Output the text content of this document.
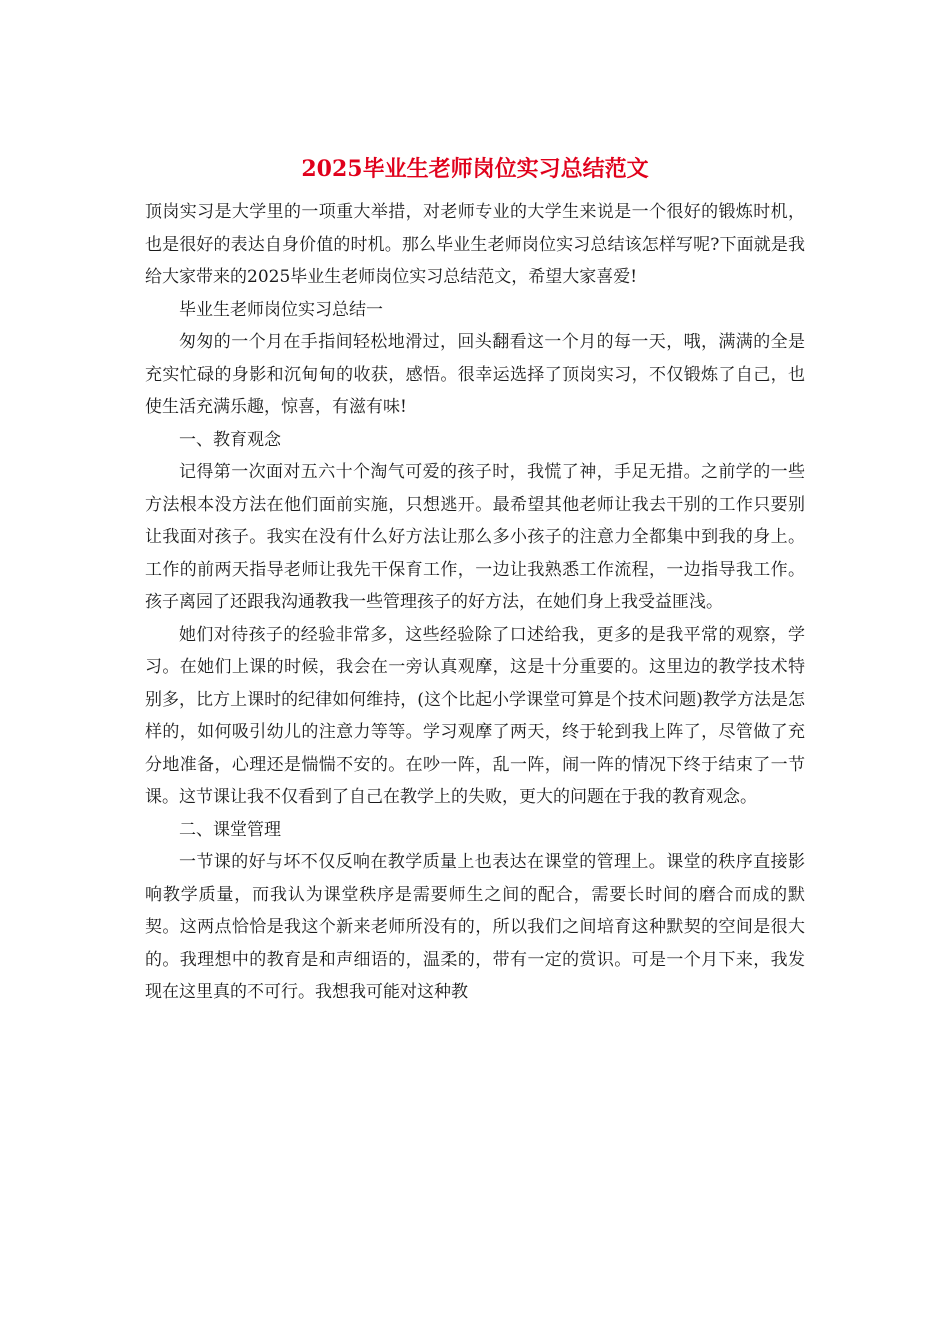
2025毕业生老师岗位实习总结范文

顶岗实习是大学里的一项重大举措，对老师专业的大学生来说是一个很好的锻炼时机，也是很好的表达自身价值的时机。那么毕业生老师岗位实习总结该怎样写呢?下面就是我给大家带来的2025毕业生老师岗位实习总结范文，希望大家喜爱!

毕业生老师岗位实习总结一

匆匆的一个月在手指间轻松地滑过，回头翻看这一个月的每一天，哦，满满的全是充实忙碌的身影和沉甸甸的收获，感悟。很幸运选择了顶岗实习，不仅锻炼了自己，也使生活充满乐趣，惊喜，有滋有味!

一、教育观念

记得第一次面对五六十个淘气可爱的孩子时，我慌了神，手足无措。之前学的一些方法根本没方法在他们面前实施，只想逃开。最希望其他老师让我去干别的工作只要别让我面对孩子。我实在没有什么好方法让那么多小孩子的注意力全都集中到我的身上。工作的前两天指导老师让我先干保育工作，一边让我熟悉工作流程，一边指导我工作。孩子离园了还跟我沟通教我一些管理孩子的好方法，在她们身上我受益匪浅。

她们对待孩子的经验非常多，这些经验除了口述给我，更多的是我平常的观察，学习。在她们上课的时候，我会在一旁认真观摩，这是十分重要的。这里边的教学技术特别多，比方上课时的纪律如何维持，(这个比起小学课堂可算是个技术问题)教学方法是怎样的，如何吸引幼儿的注意力等等。学习观摩了两天，终于轮到我上阵了，尽管做了充分地准备，心理还是惴惴不安的。在吵一阵，乱一阵，闹一阵的情况下终于结束了一节课。这节课让我不仅看到了自己在教学上的失败，更大的问题在于我的教育观念。

二、课堂管理

一节课的好与坏不仅反响在教学质量上也表达在课堂的管理上。课堂的秩序直接影响教学质量，而我认为课堂秩序是需要师生之间的配合，需要长时间的磨合而成的默契。这两点恰恰是我这个新来老师所没有的，所以我们之间培育这种默契的空间是很大的。我理想中的教育是和声细语的，温柔的，带有一定的赏识。可是一个月下来，我发现在这里真的不可行。我想我可能对这种教
